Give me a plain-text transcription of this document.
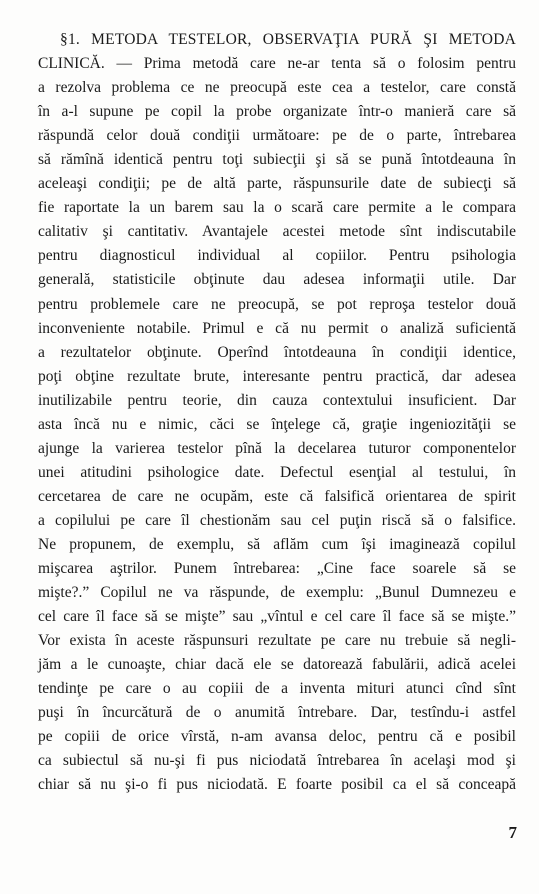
§1. METODA TESTELOR, OBSERVAŢIA PURĂ ŞI METODA
CLINICĂ. — Prima metodă care ne-ar tenta să o folosim pentru
a rezolva problema ce ne preocupă este cea a testelor, care constă
în a-l supune pe copil la probe organizate într-o manieră care să
răspundă celor două condiţii următoare: pe de o parte, întrebarea
să rămînă identică pentru toţi subiecţii şi să se pună întotdeauna în
aceleaşi condiţii; pe de altă parte, răspunsurile date de subiecţi să
fie raportate la un barem sau la o scară care permite a le compara
calitativ şi cantitativ. Avantajele acestei metode sînt indiscutabile
pentru diagnosticul individual al copiilor. Pentru psihologia
generală, statisticile obţinute dau adesea informaţii utile. Dar
pentru problemele care ne preocupă, se pot reproşa testelor două
inconveniente notabile. Primul e că nu permit o analiză suficientă
a rezultatelor obţinute. Operînd întotdeauna în condiţii identice,
poţi obţine rezultate brute, interesante pentru practică, dar adesea
inutilizabile pentru teorie, din cauza contextului insuficient. Dar
asta încă nu e nimic, căci se înţelege că, graţie ingeniozităţii se
ajunge la varierea testelor pînă la decelarea tuturor componentelor
unei atitudini psihologice date. Defectul esenţial al testului, în
cercetarea de care ne ocupăm, este că falsifică orientarea de spirit
a copilului pe care îl chestionăm sau cel puţin riscă să o falsifice.
Ne propunem, de exemplu, să aflăm cum îşi imaginează copilul
mişcarea aştrilor. Punem întrebarea: „Cine face soarele să se
mişte?.” Copilul ne va răspunde, de exemplu: „Bunul Dumnezeu e
cel care îl face să se mişte” sau „vîntul e cel care îl face să se mişte.”
Vor exista în aceste răspunsuri rezultate pe care nu trebuie să negli-
jăm a le cunoaşte, chiar dacă ele se datorează fabulării, adică acelei
tendinţe pe care o au copiii de a inventa mituri atunci cînd sînt
puşi în încurcătură de o anumită întrebare. Dar, testîndu-i astfel
pe copiii de orice vîrstă, n-am avansa deloc, pentru că e posibil
ca subiectul să nu-şi fi pus niciodată întrebarea în acelaşi mod şi
chiar să nu şi-o fi pus niciodată. E foarte posibil ca el să conceapă
7
